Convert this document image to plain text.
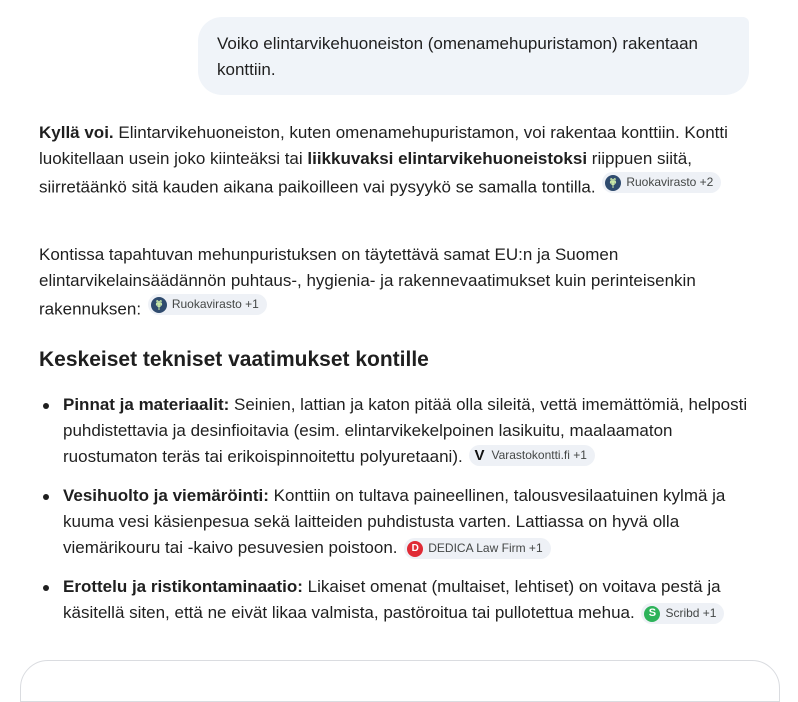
Voiko elintarvikehuoneiston (omenamehupuristamon) rakentaan konttiin.

Kyllä voi. Elintarvikehuoneiston, kuten omenamehupuristamon, voi rakentaa konttiin. Kontti luokitellaan usein joko kiinteäksi tai liikkuvaksi elintarvikehuoneistoksi riippuen siitä, siirretäänkö sitä kauden aikana paikoilleen vai pysyykö se samalla tontilla.	Ruokavirasto +2

Kontissa tapahtuvan mehunpuristuksen on täytettävä samat EU:n ja Suomen elintarvikelainsäädännön puhtaus-, hygienia- ja rakennevaatimukset kuin perinteisenkin rakennuksen:	Ruokavirasto +1

Keskeiset tekniset vaatimukset kontille
Pinnat ja materiaalit: Seinien, lattian ja katon pitää olla sileitä, vettä imemättömiä, helposti puhdistettavia ja desinfioitavia (esim. elintarvikekelpoinen lasikuitu, maalaamaton ruostumaton teräs tai erikoispinnoitettu polyuretaani). V Varastokontti.fi +1
Vesihuolto ja viemäröinti: Konttiin on tultava paineellinen, talousvesilaatuinen kylmä ja kuuma vesi käsienpesua sekä laitteiden puhdistusta varten. Lattiassa on hyvä olla viemärikouru tai -kaivo pesuvesien poistoon.	D DEDICA Law Firm +1
Erottelu ja ristikontaminaatio: Likaiset omenat (multaiset, lehtiset) on voitava pestä ja käsitellä siten, että ne eivät likaa valmista, pastöroitua tai pullotettua mehua.	S Scribd +1
